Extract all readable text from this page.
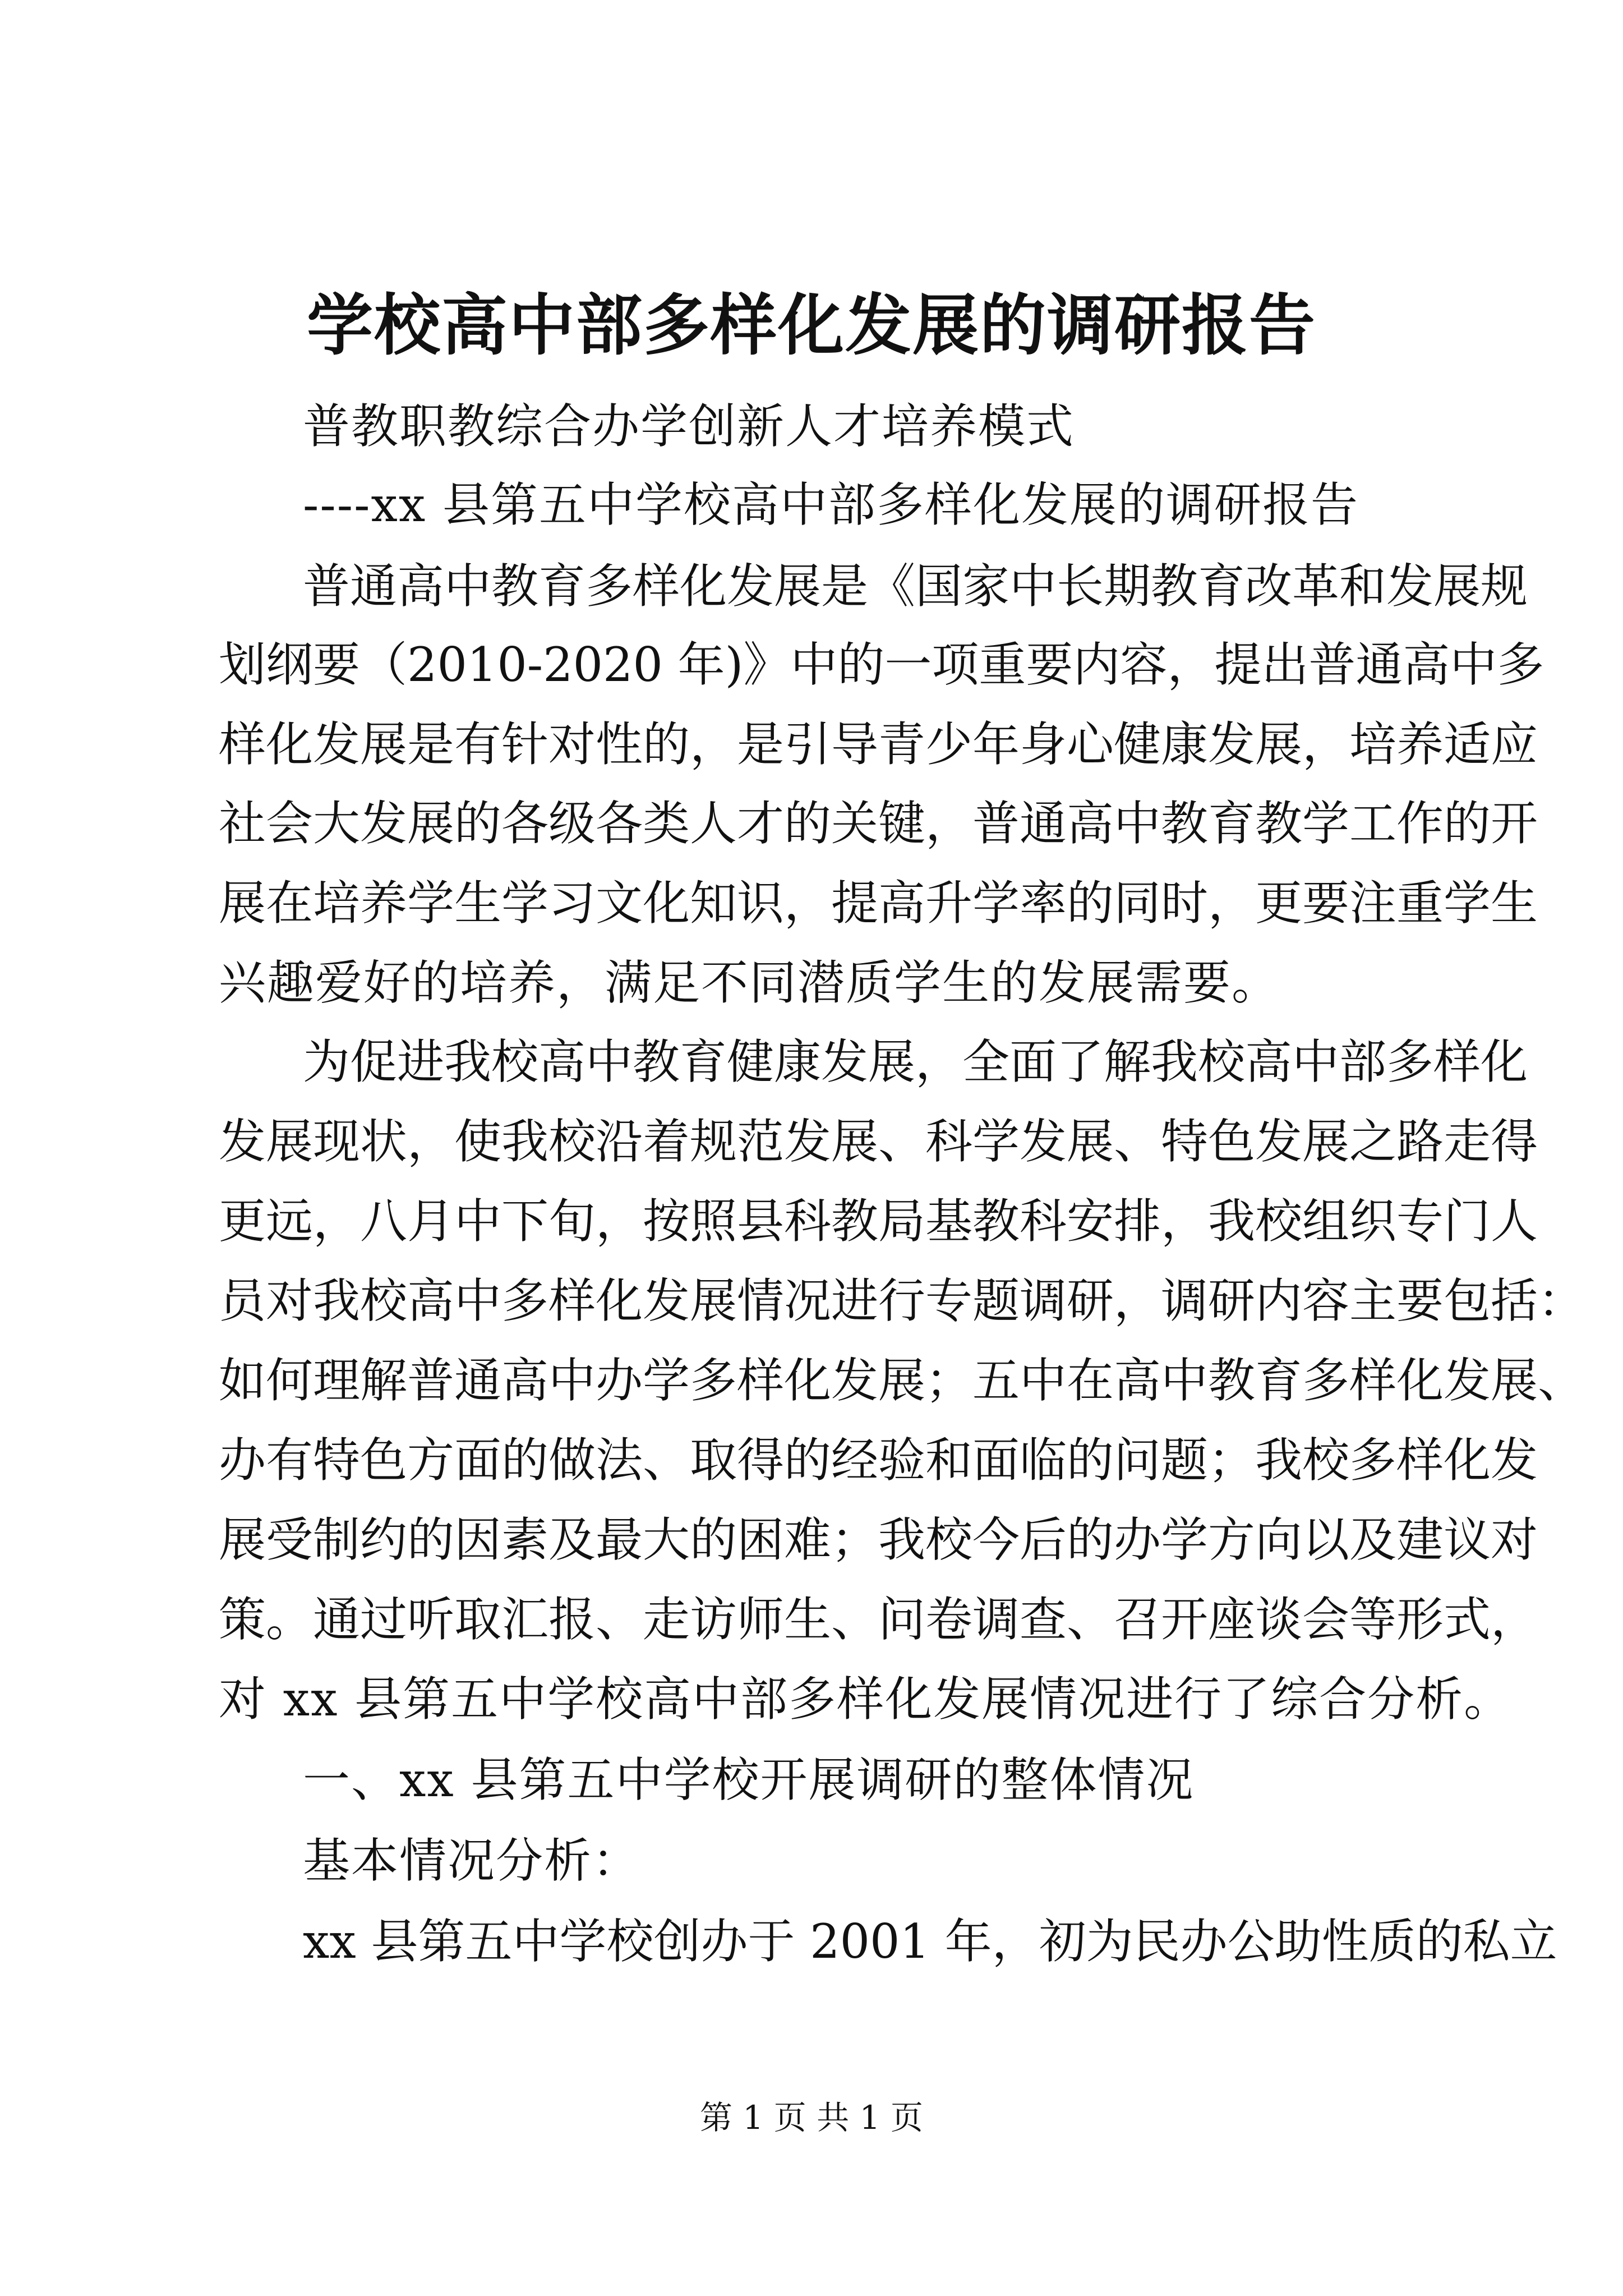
学校高中部多样化发展的调研报告
普教职教综合办学创新人才培养模式
----xx 县第五中学校高中部多样化发展的调研报告
普通高中教育多样化发展是《国家中长期教育改革和发展规
划纲要（2010-2020 年)》中的一项重要内容，提出普通高中多
样化发展是有针对性的，是引导青少年身心健康发展，培养适应
社会大发展的各级各类人才的关键，普通高中教育教学工作的开
展在培养学生学习文化知识，提高升学率的同时，更要注重学生
兴趣爱好的培养，满足不同潜质学生的发展需要。
为促进我校高中教育健康发展，全面了解我校高中部多样化
发展现状，使我校沿着规范发展、科学发展、特色发展之路走得
更远，八月中下旬，按照县科教局基教科安排，我校组织专门人
员对我校高中多样化发展情况进行专题调研，调研内容主要包括：
如何理解普通高中办学多样化发展；五中在高中教育多样化发展、
办有特色方面的做法、取得的经验和面临的问题；我校多样化发
展受制约的因素及最大的困难；我校今后的办学方向以及建议对
策。通过听取汇报、走访师生、问卷调查、召开座谈会等形式，
对 xx 县第五中学校高中部多样化发展情况进行了综合分析。
一、xx 县第五中学校开展调研的整体情况
基本情况分析：
xx 县第五中学校创办于 2001 年，初为民办公助性质的私立
第 1 页 共 1 页
